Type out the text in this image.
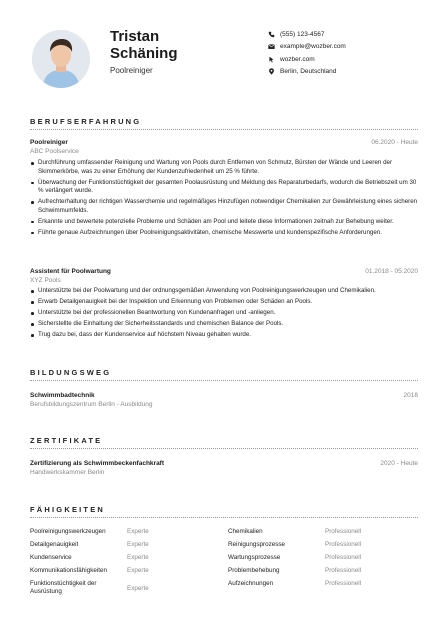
Tristan
Schäning
Poolreiniger
(555) 123-4567
example@wozber.com
wozber.com
Berlin, Deutschland
BERUFSERFAHRUNG
Poolreiniger	06.2020 - Heute
ABC Poolservice
Durchführung umfassender Reinigung und Wartung von Pools durch Entfernen von Schmutz, Bürsten der Wände und Leeren der Skimmerkörbe, was zu einer Erhöhung der Kundenzufriedenheit um 25 % führte.
Überwachung der Funktionstüchtigkeit der gesamten Poolausrüstung und Meldung des Reparaturbedarfs, wodurch die Betriebszeit um 30 % verlängert wurde.
Aufrechterhaltung der richtigen Wasserchemie und regelmäßiges Hinzufügen notwendiger Chemikalien zur Gewährleistung eines sicheren Schwimmumfelds.
Erkannte und bewertete potenzielle Probleme und Schäden am Pool und leitete diese Informationen zeitnah zur Behebung weiter.
Führte genaue Aufzeichnungen über Poolreinigungsaktivitäten, chemische Messwerte und kundenspezifische Anforderungen.
Assistent für Poolwartung	01.2018 - 05.2020
XYZ Pools
Unterstützte bei der Poolwartung und der ordnungsgemäßen Anwendung von Poolreinigungswerkzeugen und Chemikalien.
Erwarb Detailgenauigkeit bei der Inspektion und Erkennung von Problemen oder Schäden an Pools.
Unterstützte bei der professionellen Beantwortung von Kundenanfragen und -anliegen.
Sicherstellte die Einhaltung der Sicherheitsstandards und chemischen Balance der Pools.
Trug dazu bei, dass der Kundenservice auf höchstem Niveau gehalten wurde.
BILDUNGSWEG
Schwimmbadtechnik	2018
Berufsbildungszentrum Berlin - Ausbildung
ZERTIFIKATE
Zertifizierung als Schwimmbeckenfachkraft	2020 - Heute
Handwerkskammer Berlin
FÄHIGKEITEN
Poolreinigungswerkzeugen	Experte
Detailgenauigkeit	Experte
Kundenservice	Experte
Kommunikationsfähigkeiten	Experte
Funktionstüchtigkeit der Ausrüstung	Experte
Chemikalien	Professionell
Reinigungsprozesse	Professionell
Wartungsprozesse	Professionell
Problembehebung	Professionell
Aufzeichnungen	Professionell
